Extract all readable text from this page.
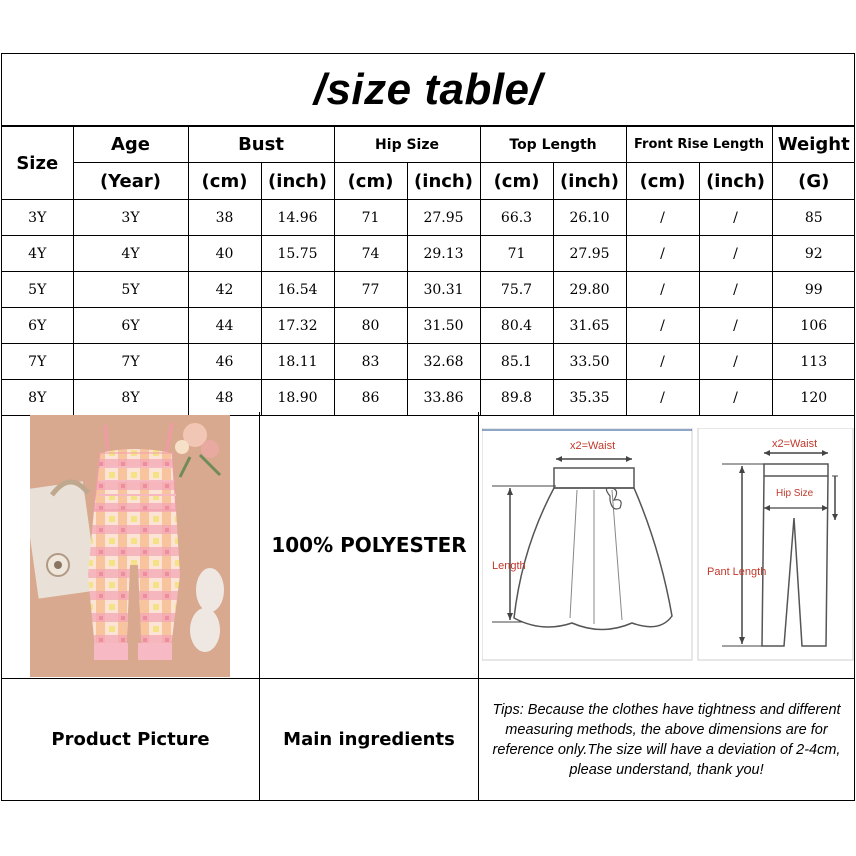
/size table/
Size	Age	Bust		Hip Size		Top Length		Front Rise Length		Weight
	(Year)	(cm)	(inch)	(cm)	(inch)	(cm)	(inch)	(cm)	(inch)	(G)
3Y	3Y	38	14.96	71	27.95	66.3	26.10	/	/	85
4Y	4Y	40	15.75	74	29.13	71	27.95	/	/	92
5Y	5Y	42	16.54	77	30.31	75.7	29.80	/	/	99
6Y	6Y	44	17.32	80	31.50	80.4	31.65	/	/	106
7Y	7Y	46	18.11	83	32.68	85.1	33.50	/	/	113
8Y	8Y	48	18.90	86	33.86	89.8	35.35	/	/	120
100% POLYESTER
x2=Waist
Length
x2=Waist
Hip Size
Pant Length
Product Picture	Main ingredients
Tips: Because the clothes have tightness and different measuring methods, the above dimensions are for reference only.The size will have a deviation of 2-4cm, please understand, thank you!
